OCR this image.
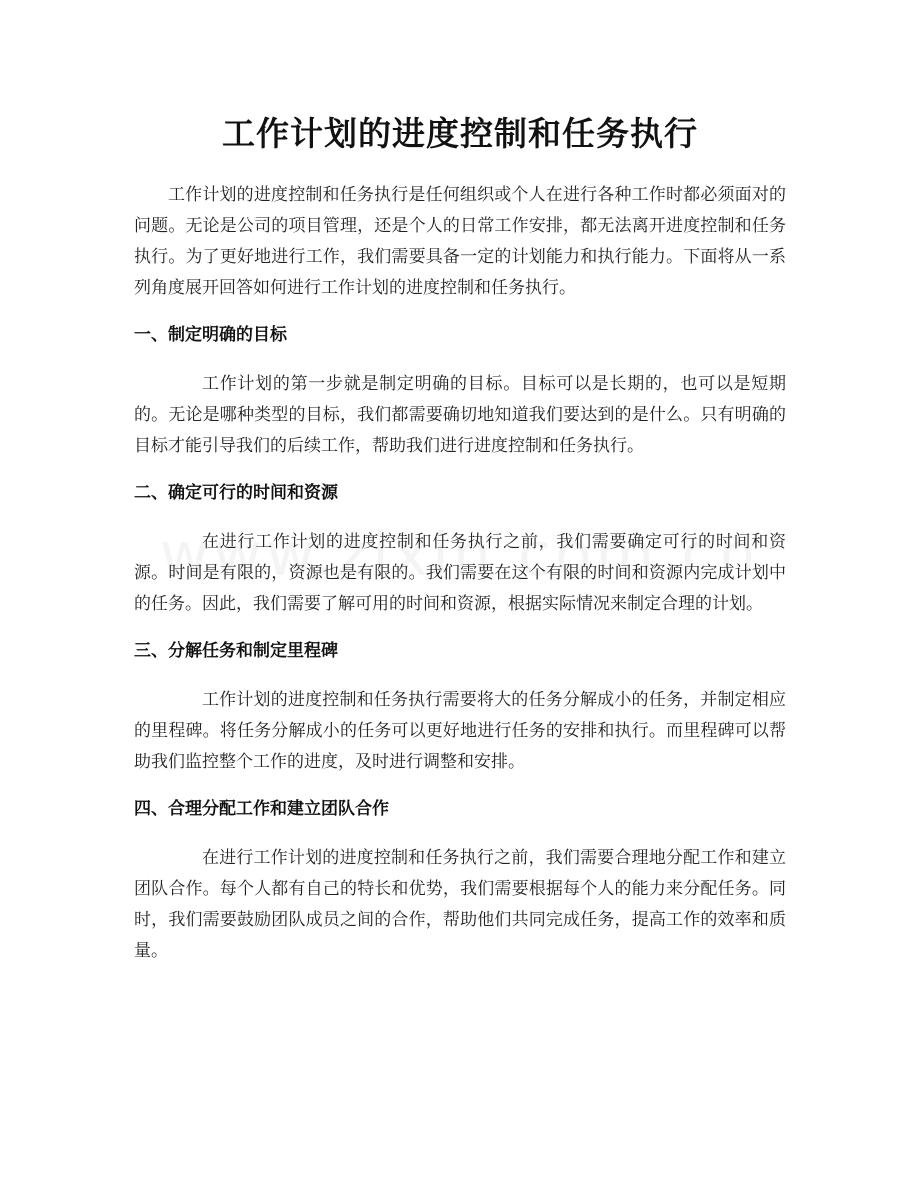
工作计划的进度控制和任务执行

工作计划的进度控制和任务执行是任何组织或个人在进行各种工作时都必须面对的问题。无论是公司的项目管理，还是个人的日常工作安排，都无法离开进度控制和任务执行。为了更好地进行工作，我们需要具备一定的计划能力和执行能力。下面将从一系列角度展开回答如何进行工作计划的进度控制和任务执行。

一、制定明确的目标

工作计划的第一步就是制定明确的目标。目标可以是长期的，也可以是短期的。无论是哪种类型的目标，我们都需要确切地知道我们要达到的是什么。只有明确的目标才能引导我们的后续工作，帮助我们进行进度控制和任务执行。

二、确定可行的时间和资源

在进行工作计划的进度控制和任务执行之前，我们需要确定可行的时间和资源。时间是有限的，资源也是有限的。我们需要在这个有限的时间和资源内完成计划中的任务。因此，我们需要了解可用的时间和资源，根据实际情况来制定合理的计划。

三、分解任务和制定里程碑

工作计划的进度控制和任务执行需要将大的任务分解成小的任务，并制定相应的里程碑。将任务分解成小的任务可以更好地进行任务的安排和执行。而里程碑可以帮助我们监控整个工作的进度，及时进行调整和安排。

四、合理分配工作和建立团队合作

在进行工作计划的进度控制和任务执行之前，我们需要合理地分配工作和建立团队合作。每个人都有自己的特长和优势，我们需要根据每个人的能力来分配任务。同时，我们需要鼓励团队成员之间的合作，帮助他们共同完成任务，提高工作的效率和质量。
